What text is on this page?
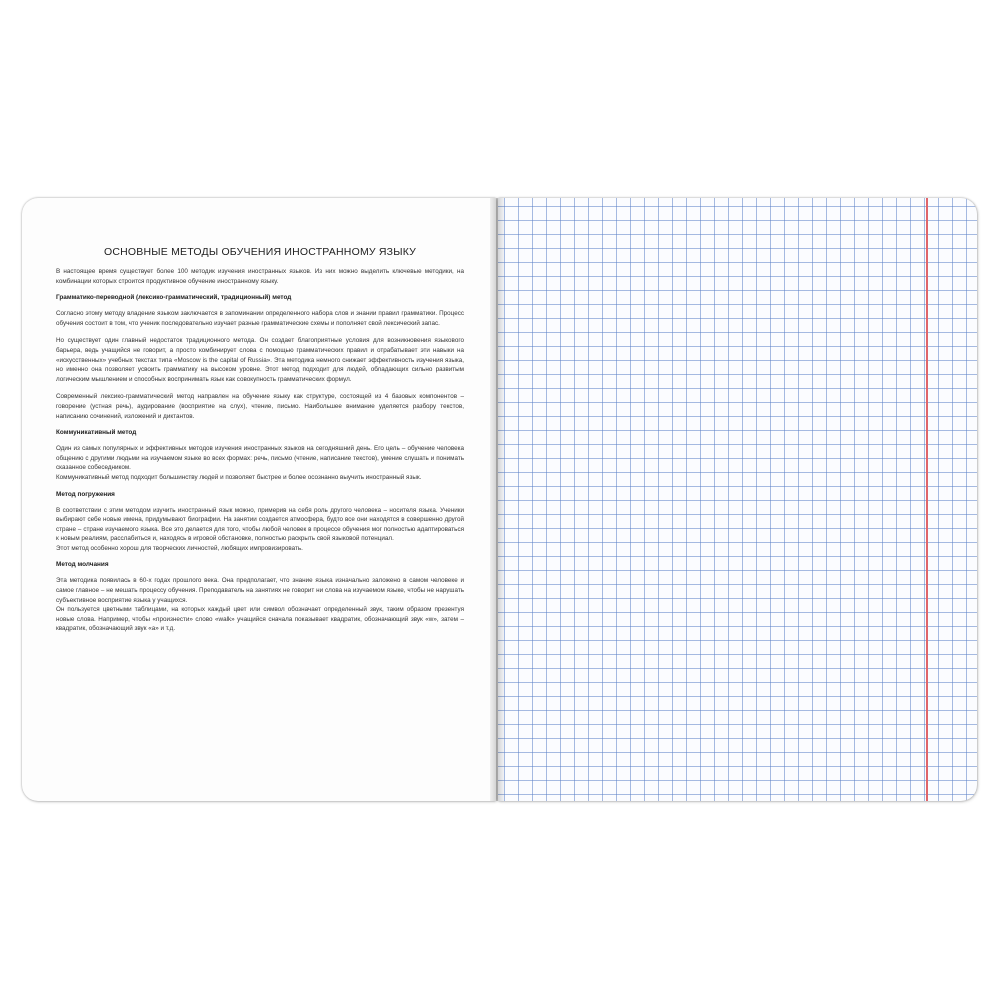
ОСНОВНЫЕ МЕТОДЫ ОБУЧЕНИЯ ИНОСТРАННОМУ ЯЗЫКУ
В настоящее время существует более 100 методик изучения иностранных языков. Из них можно выделить ключевые методики, на комбинации которых строится продуктивное обучение иностранному языку.
Грамматико-переводной (лексико-грамматический, традиционный) метод
Согласно этому методу владение языком заключается в запоминании определенного набора слов и знании правил грамматики. Процесс обучения состоит в том, что ученик последовательно изучает разные грамматические схемы и пополняет свой лексический запас.
Но существует один главный недостаток традиционного метода. Он создает благоприятные условия для возникновения языкового барьера, ведь учащийся не говорит, а просто комбинирует слова с помощью грамматических правил и отрабатывает эти навыки на «искусственных» учебных текстах типа «Moscow is the capital of Russia». Эта методика немного снижает эффективность изучения языка, но именно она позволяет усвоить грамматику на высоком уровне. Этот метод подходит для людей, обладающих сильно развитым логическим мышлением и способных воспринимать язык как совокупность грамматических формул.
Современный лексико-грамматический метод направлен на обучение языку как структуре, состоящей из 4 базовых компонентов – говорение (устная речь), аудирование (восприятие на слух), чтение, письмо. Наибольшее внимание уделяется разбору текстов, написанию сочинений, изложений и диктантов.
Коммуникативный метод
Один из самых популярных и эффективных методов изучения иностранных языков на сегодняшний день. Его цель – обучение человека общению с другими людьми на изучаемом языке во всех формах: речь, письмо (чтение, написание текстов), умение слушать и понимать сказанное собеседником.
Коммуникативный метод подходит большинству людей и позволяет быстрее и более осознанно выучить иностранный язык.
Метод погружения
В соответствии с этим методом изучить иностранный язык можно, примерив на себя роль другого человека – носителя языка. Ученики выбирают себе новые имена, придумывают биографии. На занятии создается атмосфера, будто все они находятся в совершенно другой стране – стране изучаемого языка. Все это делается для того, чтобы любой человек в процессе обучения мог полностью адаптироваться к новым реалиям, расслабиться и, находясь в игровой обстановке, полностью раскрыть свой языковой потенциал.
Этот метод особенно хорош для творческих личностей, любящих импровизировать.
Метод молчания
Эта методика появилась в 60-х годах прошлого века. Она предполагает, что знание языка изначально заложено в самом человеке и самое главное – не мешать процессу обучения. Преподаватель на занятиях не говорит ни слова на изучаемом языке, чтобы не нарушать субъективное восприятие языка у учащихся.
Он пользуется цветными таблицами, на которых каждый цвет или символ обозначает определенный звук, таким образом презентуя новые слова. Например, чтобы «произнести» слово «walk» учащийся сначала показывает квадратик, обозначающий звук «w», затем – квадратик, обозначающий звук «а» и т.д.
